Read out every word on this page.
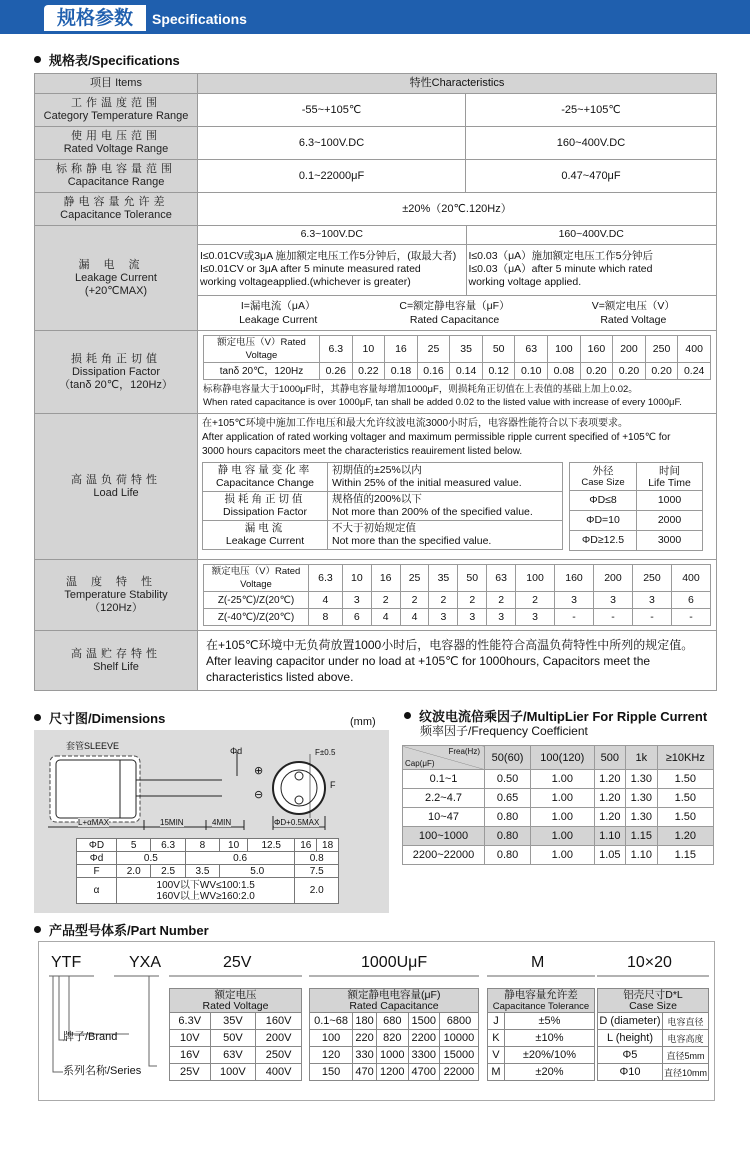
规格参数	Specifications
规格表/Specifications
项目 Items	特性Characteristics

工作温度范围
Category Temperature Range
	-55~+105℃	-25~+105℃

使用电压范围
Rated Voltage Range
	6.3~100V.DC	160~400V.DC

标称静电容量范围
Capacitance Range
	0.1~22000μF	0.47~470μF

静电容量允许差
Capacitance Tolerance
	±20%（20℃.120Hz）

漏电流
Leakage Current
(+20℃MAX)

6.3~100V.DC	160~400V.DC

I≤0.01CV或3μA 施加额定电压工作5分钟后，(取最大者)
I≤0.01CV or 3μA after 5 minute measured rated
working voltageapplied.(whichever is greater)

I≤0.03（μA）施加额定电压工作5分钟后
I≤0.03（μA）after 5 minute which rated
working voltage applied.

I=漏电流（μA）
Leakage Current
C=额定静电容量（μF）
Rated Capacitance
V=额定电压（V）
Rated Voltage

损耗角正切值
Dissipation Factor
（tanδ 20℃，120Hz）

额定电压（V）Rated Voltage	6.3	10	16	25	35	50	63	100	160	200	250	400
tanδ 20℃，120Hz	0.26	0.22	0.18	0.16	0.14	0.12	0.10	0.08	0.20	0.20	0.20	0.24
标称静电容量大于1000μF时，其静电容量每增加1000μF，则损耗角正切值在上表值的基础上加上0.02。
When rated capacitance is over 1000μF, tan shall be added 0.02 to the listed value with increase of every 1000μF.

高温负荷特性
Load Life

在+105℃环境中施加工作电压和最大允许纹波电流3000小时后，电容器性能符合以下表项要求。
After application of rated working voltager and maximum permissible ripple current specified of +105℃ for
3000 hours capacitors meet the characteristics reauirement listed below.
静电容量变化率
Capacitance Change

初期值的±25%以内
Within 25% of the initial measured value.

损耗角正切值
Dissipation Factor

规格值的200%以下
Not more than 200% of the specified value.

漏电流
Leakage Current

不大于初始规定值
Not more than the specified value.
外径
Case Size

时间
Life Time

ΦD≤8	1000
ΦD=10	2000
ΦD≥12.5	3000

温度特性
Temperature Stability
（120Hz）

额定电压（V）Rated Voltage	6.3	10	16	25	35	50	63	100	160	200	250	400
Z(-25℃)/Z(20℃)	4	3	2	2	2	2	2	2	3	3	3	6
Z(-40℃)/Z(20℃)	8	6	4	4	3	3	3	3	-	-	-	-

高温贮存特性
Shelf Life

在+105℃环境中无负荷放置1000小时后，电容器的性能符合高温负荷特性中所列的规定值。
After leaving capacitor under no load at +105℃ for 1000hours, Capacitors meet the
characteristics listed above.
尺寸图/Dimensions	(mm)
套管SLEEVE	Φd	F±0.5
F
⊕
⊖
L+αMAX	15MIN	4MIN	ΦD+0.5MAX
ΦD	5	6.3	8	10	12.5	16	18
Φd	0.5		0.6			0.8	
F	2.0	2.5	3.5	5.0		7.5	
α	100V以下WV≤100:1.5
160V以上WV≥160:2.0					2.0	
纹波电流倍乘因子/MultipLier For Ripple Current
频率因子/Frequency Coefficient
Frea(Hz)
Cap(μF)	50(60)	100(120)	500	1k	≥10KHz
0.1~1	0.50	1.00	1.20	1.30	1.50
2.2~4.7	0.65	1.00	1.20	1.30	1.50
10~47	0.80	1.00	1.20	1.30	1.50
100~1000	0.80	1.00	1.10	1.15	1.20
2200~22000	0.80	1.00	1.05	1.10	1.15
产品型号体系/Part Number
YTF	YXA	25V	1000UμF	M	10×20
牌子/Brand
系列名称/Series
额定电压
Rated Voltage		

6.3V	35V	160V
10V	50V	200V
16V	63V	250V
25V	100V	400V
额定静电电容量(μF)
Rated Capacitance				

0.1~68	180	680	1500	6800
100	220	820	2200	10000
120	330	1000	3300	15000
150	470	1200	4700	22000
静电容量允许差
Capacitance Tolerance	

J	±5%
K	±10%
V	±20%/10%
M	±20%
铝壳尺寸D*L
Case Size	

D (diameter)	电容直径
L (height)	电容高度
Φ5	直径5mm
Φ10	直径10mm
